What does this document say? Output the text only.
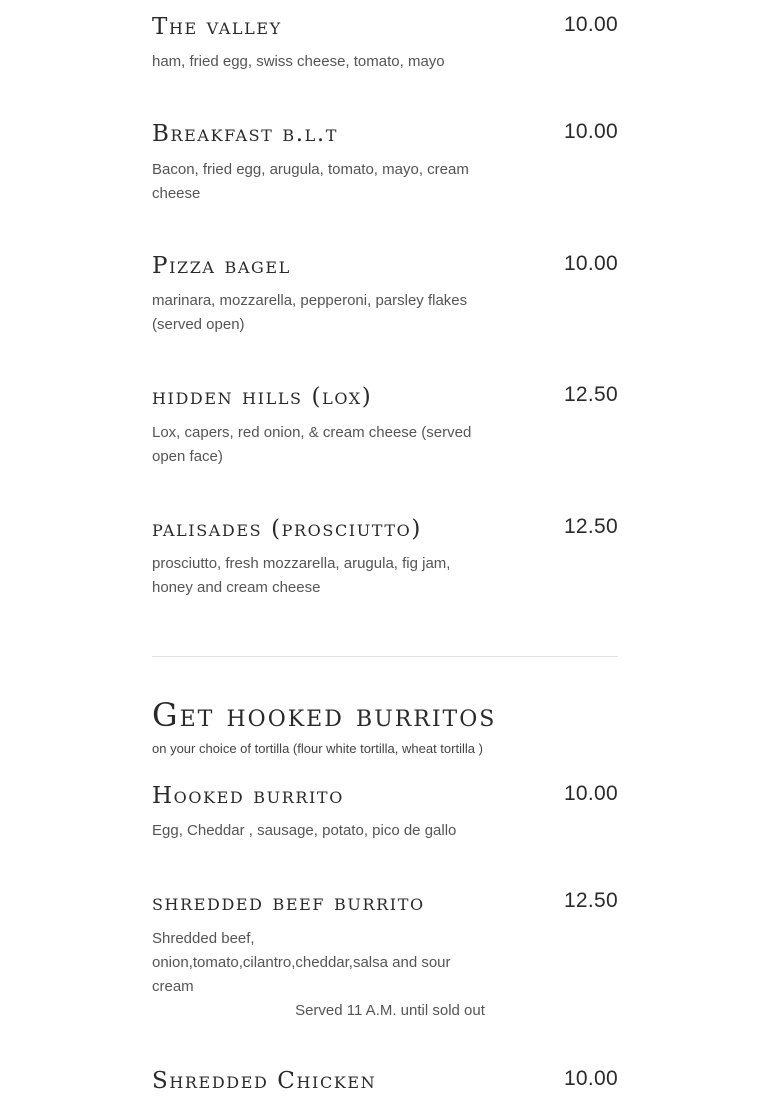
The valley	10.00
ham, fried egg, swiss cheese, tomato, mayo
Breakfast b.l.t	10.00
Bacon, fried egg, arugula, tomato, mayo, cream cheese
Pizza bagel	10.00
marinara, mozzarella, pepperoni, parsley flakes (served open)
hidden hills (lox)	12.50
Lox, capers, red onion, & cream cheese (served open face)
palisades (prosciutto)	12.50
prosciutto, fresh mozzarella, arugula, fig jam, honey and cream cheese
Get hooked burritos
on your choice of tortilla (flour white tortilla, wheat tortilla )
Hooked burrito	10.00
Egg, Cheddar , sausage, potato, pico de gallo
shredded beef burrito	12.50
Shredded beef, onion,tomato,cilantro,cheddar,salsa and sour cream
Served 11 A.M. until sold out
Shredded Chicken	10.00
